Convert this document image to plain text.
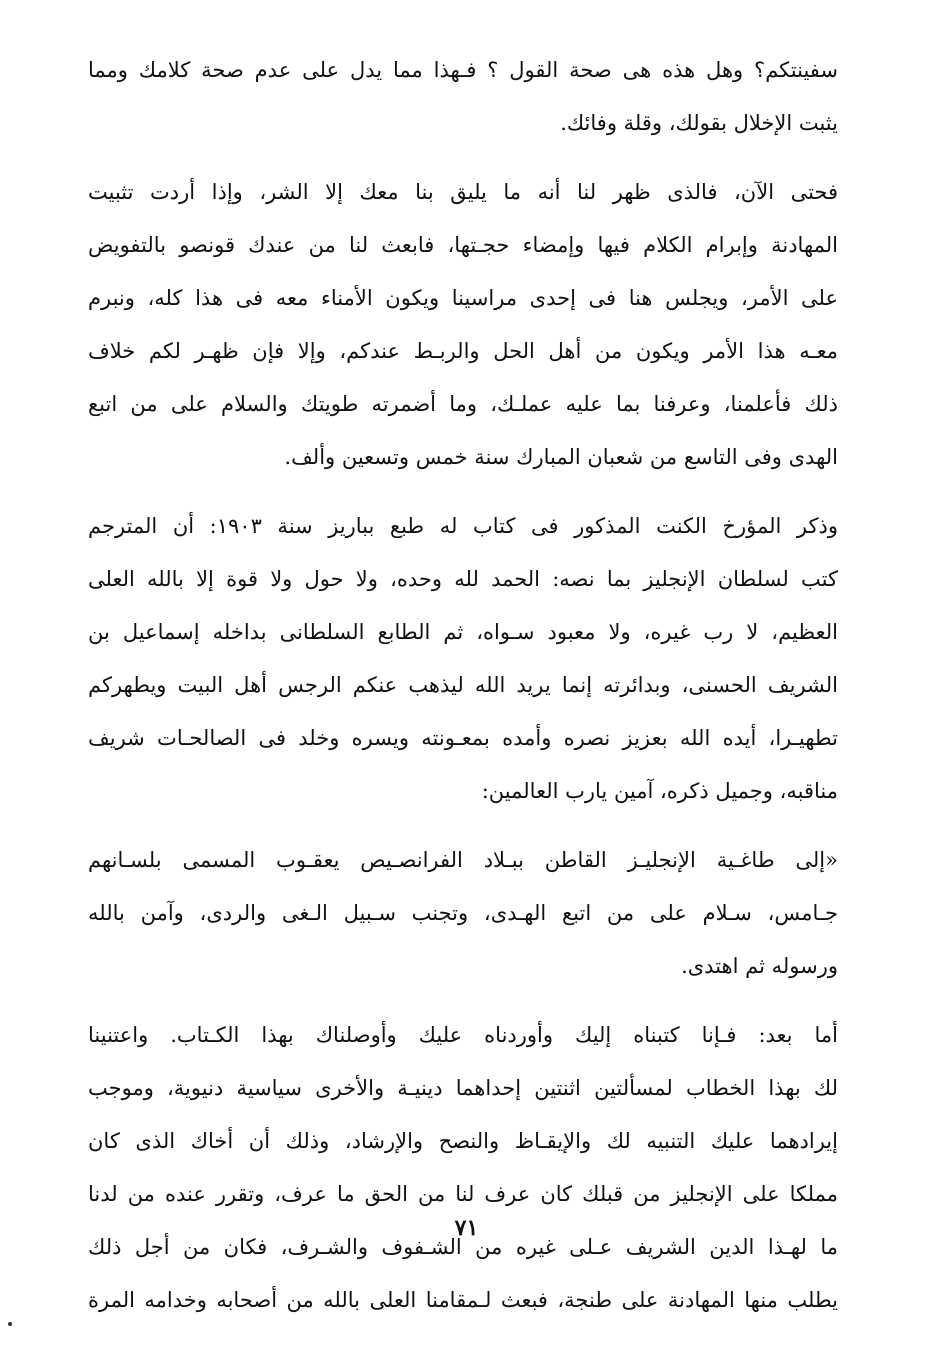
سفينتكم؟ وهل هذه هى صحة القول ؟ فـهذا مما يدل على عدم صحة كلامك ومما
يثبت الإخلال بقولك، وقلة وفائك.

فحتى الآن، فالذى ظهر لنا أنه ما يليق بنا معك إلا الشر، وإذا أردت تثبيت
المهادنة وإبرام الكلام فيها وإمضاء حجـتها، فابعث لنا من عندك قونصو بالتفويض
على الأمر، ويجلس هنا فى إحدى مراسينا ويكون الأمناء معه فى هذا كله، ونبرم
معـه هذا الأمر ويكون من أهل الحل والربـط عندكم، وإلا فإن ظهـر لكم خلاف
ذلك فأعلمنا، وعرفنا بما عليه عملـك، وما أضمرته طويتك والسلام على من اتبع
الهدى وفى التاسع من شعبان المبارك سنة خمس وتسعين وألف.

وذكر المؤرخ الكنت المذكور فى كتاب له طبع بباريز سنة ١٩٠٣: أن المترجم
كتب لسلطان الإنجليز بما نصه: الحمد لله وحده، ولا حول ولا قوة إلا بالله العلى
العظيم، لا رب غيره، ولا معبود سـواه، ثم الطابع السلطانى بداخله إسماعيل بن
الشريف الحسنى، وبدائرته إنما يريد الله ليذهب عنكم الرجس أهل البيت ويطهركم
تطهيـرا، أيده الله بعزيز نصره وأمده بمعـونته ويسره وخلد فى الصالحـات شريف
مناقبه، وجميل ذكره، آمين يارب العالمين:

«إلى طاغـية الإنجليـز القاطن ببـلاد الفرانصـيص يعقـوب المسمى بلسـانهم
جـامس، سـلام على من اتبع الهـدى، وتجنب سـبيل الـغى والردى، وآمن بالله
ورسوله ثم اهتدى.

أما بعد: فـإنا كتبناه إليك وأوردناه عليك وأوصلناك بهذا الكـتاب. واعتنينا
لك بهذا الخطاب لمسألتين اثنتين إحداهما دينيـة والأخرى سياسية دنيوية، وموجب
إيرادهما عليك التنبيه لك والإيقـاظ والنصح والإرشاد، وذلك أن أخاك الذى كان
مملكا على الإنجليز من قبلك كان عرف لنا من الحق ما عرف، وتقرر عنده من لدنا
ما لهـذا الدين الشريف عـلى غيره من الشـفوف والشـرف، فكان من أجل ذلك
يطلب منها المهادنة على طنجة، فبعث لـمقامنا العلى بالله من أصحابه وخدامه المرة

٧١
